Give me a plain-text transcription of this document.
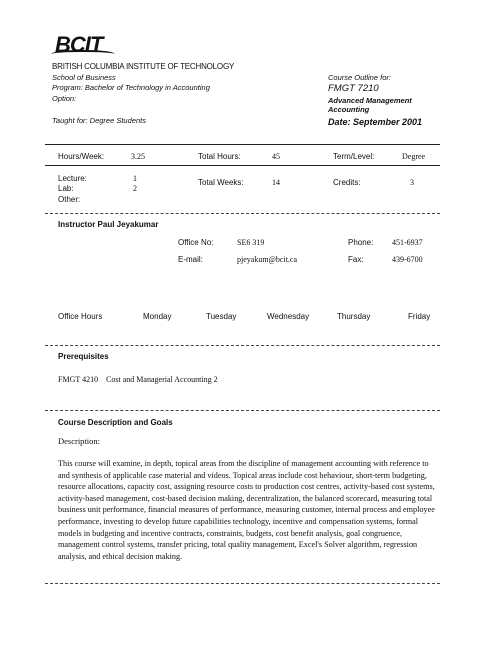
BCIT
BRITISH COLUMBIA INSTITUTE OF TECHNOLOGY
School of Business
Program: Bachelor of Technology in Accounting
Option:
Taught for: Degree Students
Course Outline for:
FMGT 7210
Advanced Management
Accounting
Date: September 2001
Hours/Week:	3.25	Total Hours:	45	Term/Level:	Degree
Lecture:	1
Lab:	2
Other:
Total Weeks:	14	Credits:	3
Instructor Paul Jeyakumar
Office No:	SE6 319	Phone: 451-6937
E-mail:	pjeyakum@bcit.ca	Fax:	439-6700
Office Hours	Monday	Tuesday	Wednesday	Thursday	Friday
Prerequisites
FMGT 4210    Cost and Managerial Accounting 2
Course Description and Goals
Description:
This course will examine, in depth, topical areas from the discipline of management accounting with reference to and synthesis of applicable case material and videos. Topical areas include cost behaviour, short-term budgeting, resource allocations, capacity cost, assigning resource costs to production cost centres, activity-based cost systems, activity-based management, cost-based decision making, decentralization, the balanced scorecard, measuring total business unit performance, financial measures of performance, measuring customer, internal process and employee performance, investing to develop future capabilities technology, incentive and compensation systems, formal models in budgeting and incentive contracts, constraints, budgets, cost benefit analysis, goal congruence, management control systems, transfer pricing, total quality management, Excel's Solver algorithm, regression analysis, and ethical decision making.
